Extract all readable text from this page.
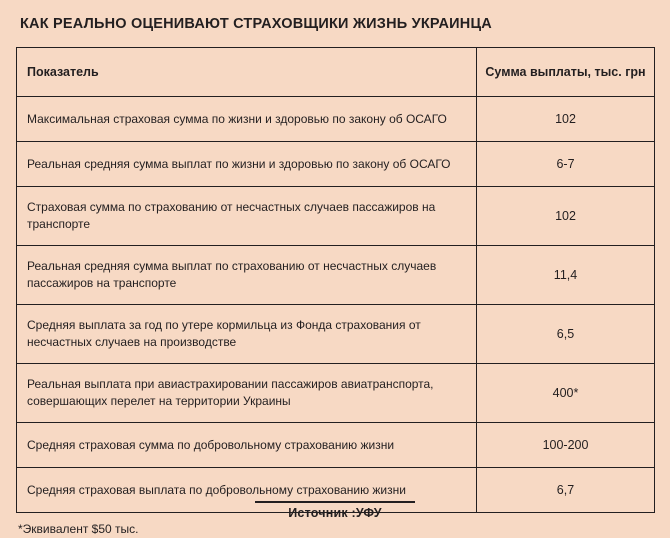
КАК РЕАЛЬНО ОЦЕНИВАЮТ СТРАХОВЩИКИ ЖИЗНЬ УКРАИНЦА
Показатель	Сумма выплаты, тыс. грн
Максимальная страховая сумма по жизни и здоровью по закону об ОСАГО	102
Реальная средняя сумма выплат по жизни и здоровью по закону об ОСАГО	6-7
Страховая сумма по страхованию от несчастных случаев пассажиров на транспорте	102
Реальная средняя сумма выплат по страхованию от несчастных случаев пассажиров на транспорте	11,4
Средняя выплата за год по утере кормильца из Фонда страхования от несчастных случаев на производстве	6,5
Реальная выплата при авиастрахировании пассажиров авиатранспорта, совершающих перелет на территории Украины	400*
Средняя страховая сумма по добровольному страхованию жизни	100-200
Средняя страховая выплата по добровольному страхованию жизни	6,7
*Эквивалент $50 тыс.
Источник :УФУ
